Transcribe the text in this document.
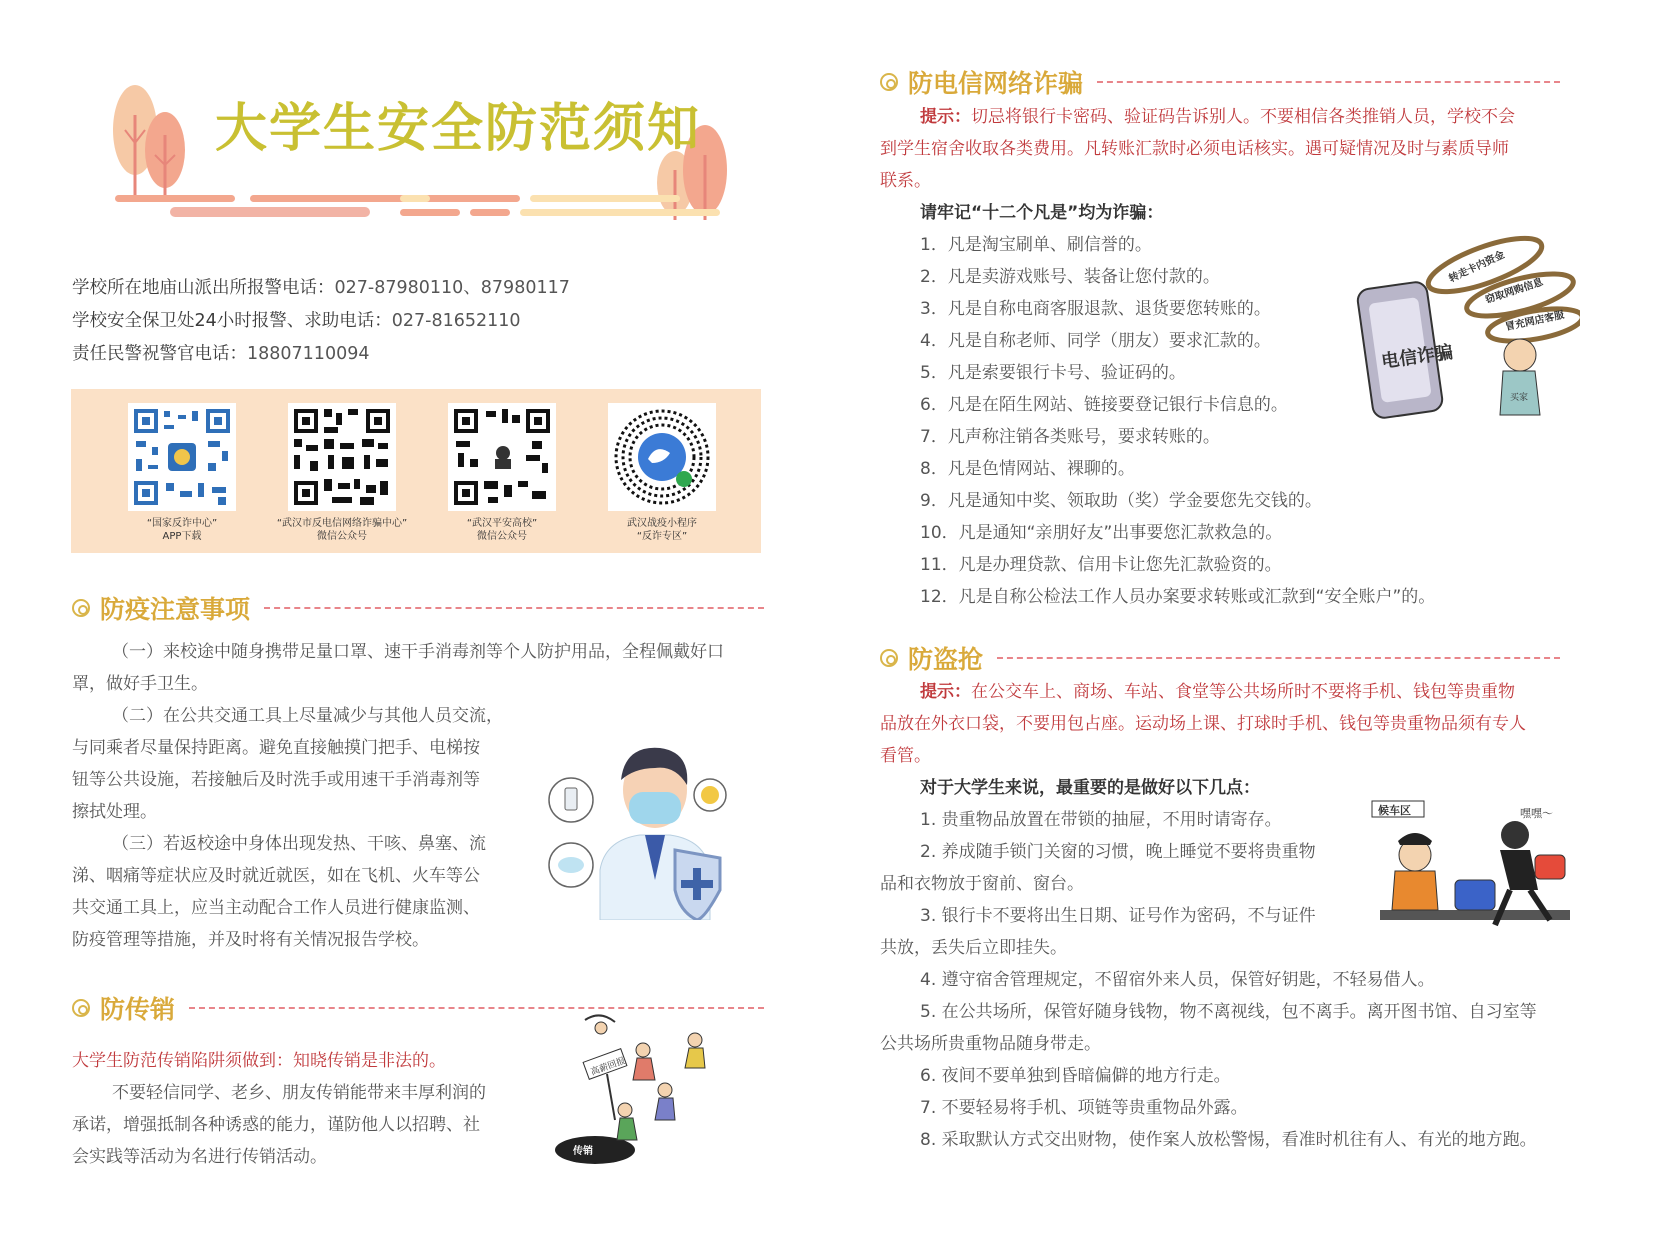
大学生安全防范须知
学校所在地庙山派出所报警电话：027-87980110、87980117
学校安全保卫处24小时报警、求助电话：027-81652110
责任民警祝警官电话：18807110094
“国家反诈中心”
APP下载
“武汉市反电信网络诈骗中心”
微信公众号
“武汉平安高校”
微信公众号
武汉战疫小程序
“反诈专区”
防疫注意事项
（一）来校途中随身携带足量口罩、速干手消毒剂等个人防护用品，全程佩戴好口
罩，做好手卫生。
（二）在公共交通工具上尽量减少与其他人员交流，
与同乘者尽量保持距离。避免直接触摸门把手、电梯按
钮等公共设施，若接触后及时洗手或用速干手消毒剂等
擦拭处理。
（三）若返校途中身体出现发热、干咳、鼻塞、流
涕、咽痛等症状应及时就近就医，如在飞机、火车等公
共交通工具上，应当主动配合工作人员进行健康监测、
防疫管理等措施，并及时将有关情况报告学校。
防传销
大学生防范传销陷阱须做到：知晓传销是非法的。
不要轻信同学、老乡、朋友传销能带来丰厚利润的
承诺，增强抵制各种诱惑的能力，谨防他人以招聘、社
会实践等活动为名进行传销活动。	传销
高薪回报
防电信网络诈骗
提示：切忌将银行卡密码、验证码告诉别人。不要相信各类推销人员，学校不会
到学生宿舍收取各类费用。凡转账汇款时必须电话核实。遇可疑情况及时与素质导师
联系。
请牢记“十二个凡是”均为诈骗：
1．凡是淘宝刷单、刷信誉的。
2．凡是卖游戏账号、装备让您付款的。
3．凡是自称电商客服退款、退货要您转账的。
4．凡是自称老师、同学（朋友）要求汇款的。
5．凡是索要银行卡号、验证码的。
6．凡是在陌生网站、链接要登记银行卡信息的。
7．凡声称注销各类账号，要求转账的。
8．凡是色情网站、裸聊的。
9．凡是通知中奖、领取助（奖）学金要您先交钱的。
10．凡是通知“亲朋好友”出事要您汇款救急的。
11．凡是办理贷款、信用卡让您先汇款验资的。
12．凡是自称公检法工作人员办案要求转账或汇款到“安全账户”的。
转走卡内资金
窃取网购信息
冒充网店客服
电信诈骗
买家
防盗抢
提示：在公交车上、商场、车站、食堂等公共场所时不要将手机、钱包等贵重物
品放在外衣口袋，不要用包占座。运动场上课、打球时手机、钱包等贵重物品须有专人
看管。
对于大学生来说，最重要的是做好以下几点：
1. 贵重物品放置在带锁的抽屉，不用时请寄存。
2. 养成随手锁门关窗的习惯，晚上睡觉不要将贵重物
品和衣物放于窗前、窗台。
3. 银行卡不要将出生日期、证号作为密码，不与证件
共放，丢失后立即挂失。
4. 遵守宿舍管理规定，不留宿外来人员，保管好钥匙，不轻易借人。
5. 在公共场所，保管好随身钱物，物不离视线，包不离手。离开图书馆、自习室等
公共场所贵重物品随身带走。
6. 夜间不要单独到昏暗偏僻的地方行走。
7. 不要轻易将手机、项链等贵重物品外露。
8. 采取默认方式交出财物，使作案人放松警惕，看准时机往有人、有光的地方跑。
候车区	嘿嘿～
